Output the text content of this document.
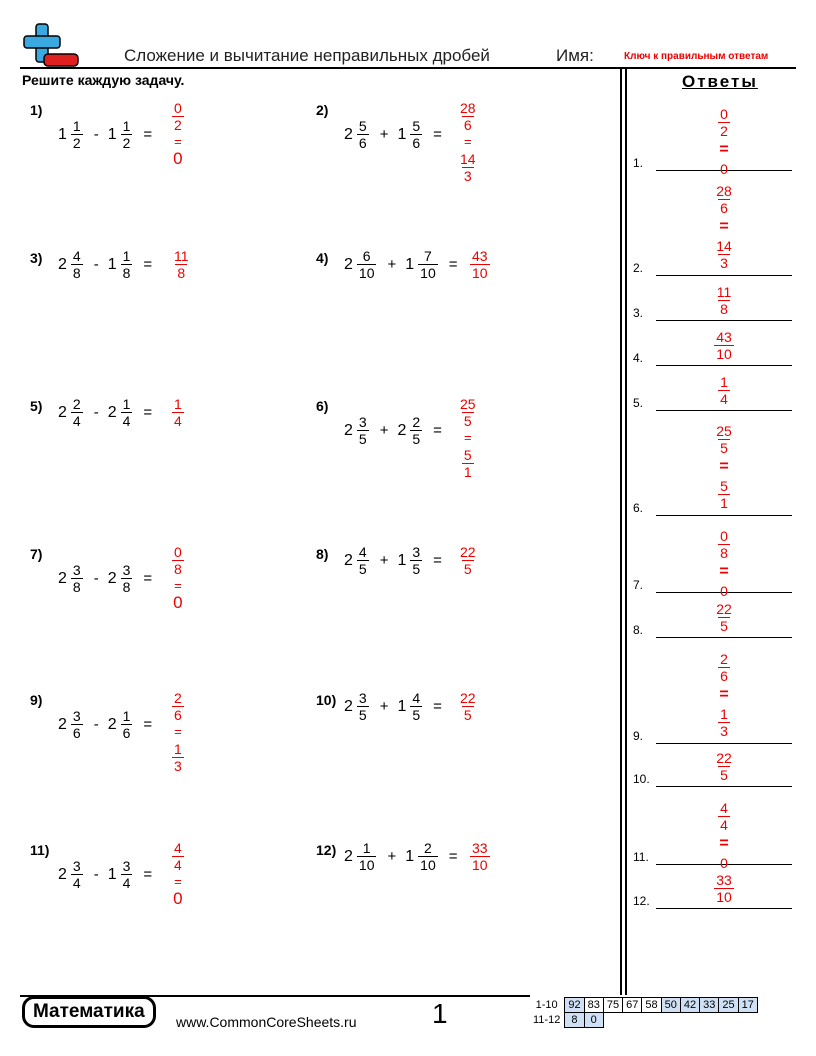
Сложение и вычитание неправильных дробей	Имя:	Ключ к правильным ответам
Решите каждую задачу.	Ответы
1)
$1 \frac{1}{2} - 1 \frac{1}{2}$ =
$\frac{0}{2}$
=
0
2)
$2 \frac{5}{6} + 1 \frac{5}{6}$ =
$\frac{28}{6}$
=
$\frac{14}{3}$
3) $2 \frac{4}{8} - 1 \frac{1}{8} = \frac{11}{8}$	4) $2 \frac{6}{10} + 1 \frac{7}{10} = \frac{43}{10}$
5) $2 \frac{2}{4} - 2 \frac{1}{4} = \frac{1}{4}$	6)
$2 \frac{3}{5} + 2 \frac{2}{5}$ =
$\frac{25}{5}$
=
$\frac{5}{1}$
7)
$2 \frac{3}{8} - 2 \frac{3}{8}$ =
$\frac{0}{8}$
=
0
8) $2 \frac{4}{5} + 1 \frac{3}{5} = \frac{22}{5}$
9)
$2 \frac{3}{6} - 2 \frac{1}{6}$ =
$\frac{2}{6}$
=
$\frac{1}{3}$
10) $2 \frac{3}{5} + 1 \frac{4}{5} = \frac{22}{5}$
11)
$2 \frac{3}{4} - 1 \frac{3}{4}$ =
$\frac{4}{4}$
=
0
12) $2 \frac{1}{10} + 1 \frac{2}{10} = \frac{33}{10}$
1.
$\frac{0}{2}$
=
0
2.
$\frac{28}{6}$
=
$\frac{14}{3}$
3.	$\frac{11}{8}$
4.	$\frac{43}{10}$
5.	$\frac{1}{4}$
6.
$\frac{25}{5}$
=
$\frac{5}{1}$
7.
$\frac{0}{8}$
=
0
8.	$\frac{22}{5}$
9.
$\frac{2}{6}$
=
$\frac{1}{3}$
10.	$\frac{22}{5}$
11.
$\frac{4}{4}$
=
0
12.	$\frac{33}{10}$
Математика	www.CommonCoreSheets.ru	1	1-10	92	83	75	67	58	50	42	33	25	17
11-12	8	0								
